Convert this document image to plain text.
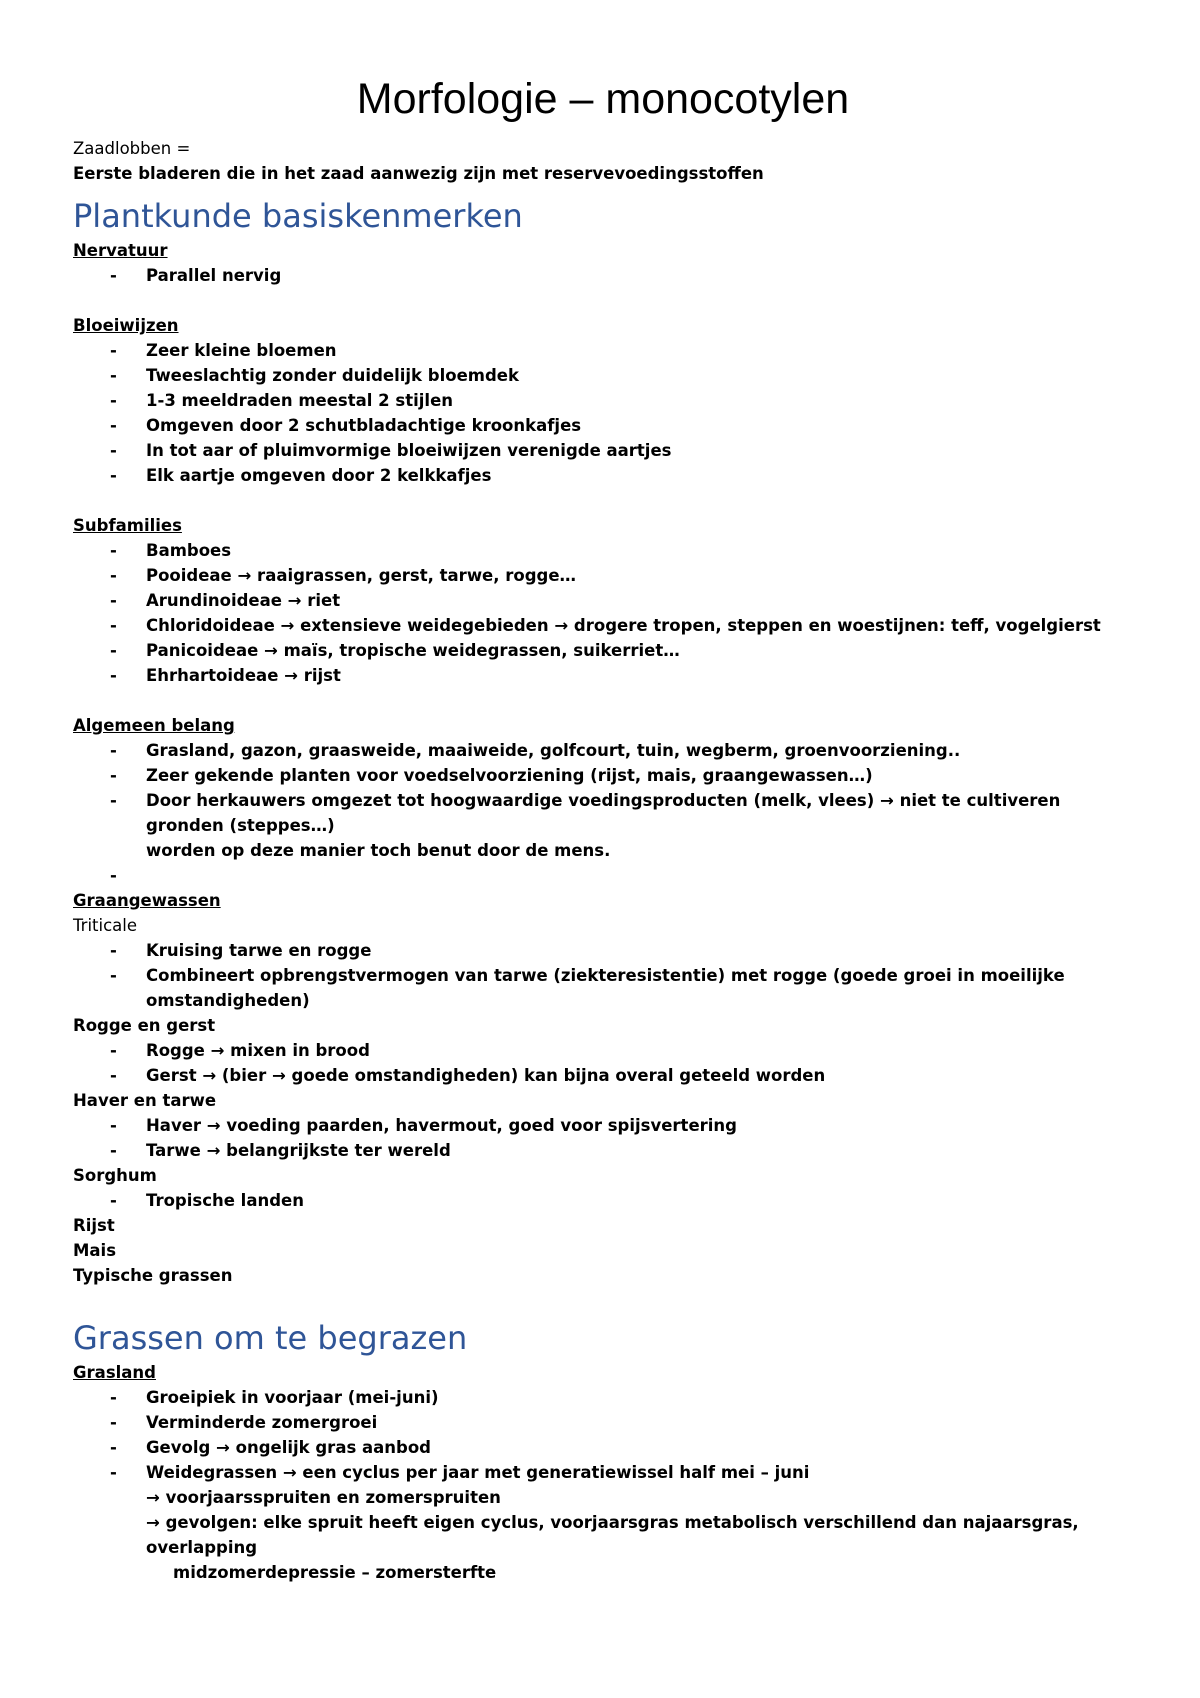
Morfologie – monocotylen

Zaadlobben =

Eerste bladeren die in het zaad aanwezig zijn met reservevoedingsstoffen

Plantkunde basiskenmerken

Nervatuur

- Parallel nervig

Bloeiwijzen

- Zeer kleine bloemen
- Tweeslachtig zonder duidelijk bloemdek
- 1-3 meeldraden meestal 2 stijlen
- Omgeven door 2 schutbladachtige kroonkafjes
- In tot aar of pluimvormige bloeiwijzen verenigde aartjes
- Elk aartje omgeven door 2 kelkkafjes

Subfamilies

- Bamboes
- Pooideae → raaigrassen, gerst, tarwe, rogge…
- Arundinoideae → riet
- Chloridoideae → extensieve weidegebieden → drogere tropen, steppen en woestijnen: teff, vogelgierst
- Panicoideae → maïs, tropische weidegrassen, suikerriet…
- Ehrhartoideae → rijst

Algemeen belang

- Grasland, gazon, graasweide, maaiweide, golfcourt, tuin, wegberm, groenvoorziening..
- Zeer gekende planten voor voedselvoorziening (rijst, mais, graangewassen…)
- Door herkauwers omgezet tot hoogwaardige voedingsproducten (melk, vlees) → niet te cultiveren gronden (steppes…)

worden op deze manier toch benut door de mens.

-

Graangewassen

Triticale

- Kruising tarwe en rogge
- Combineert opbrengstvermogen van tarwe (ziekteresistentie) met rogge (goede groei in moeilijke omstandigheden)

Rogge en gerst

- Rogge → mixen in brood
- Gerst → (bier → goede omstandigheden) kan bijna overal geteeld worden

Haver en tarwe

- Haver → voeding paarden, havermout, goed voor spijsvertering
- Tarwe → belangrijkste ter wereld

Sorghum

- Tropische landen

Rijst

Mais

Typische grassen

Grassen om te begrazen

Grasland

- Groeipiek in voorjaar (mei-juni)
- Verminderde zomergroei
- Gevolg → ongelijk gras aanbod
- Weidegrassen → een cyclus per jaar met generatiewissel half mei – juni

→ voorjaarsspruiten en zomerspruiten

→ gevolgen: elke spruit heeft eigen cyclus, voorjaarsgras metabolisch verschillend dan najaarsgras, overlapping

midzomerdepressie – zomersterfte
